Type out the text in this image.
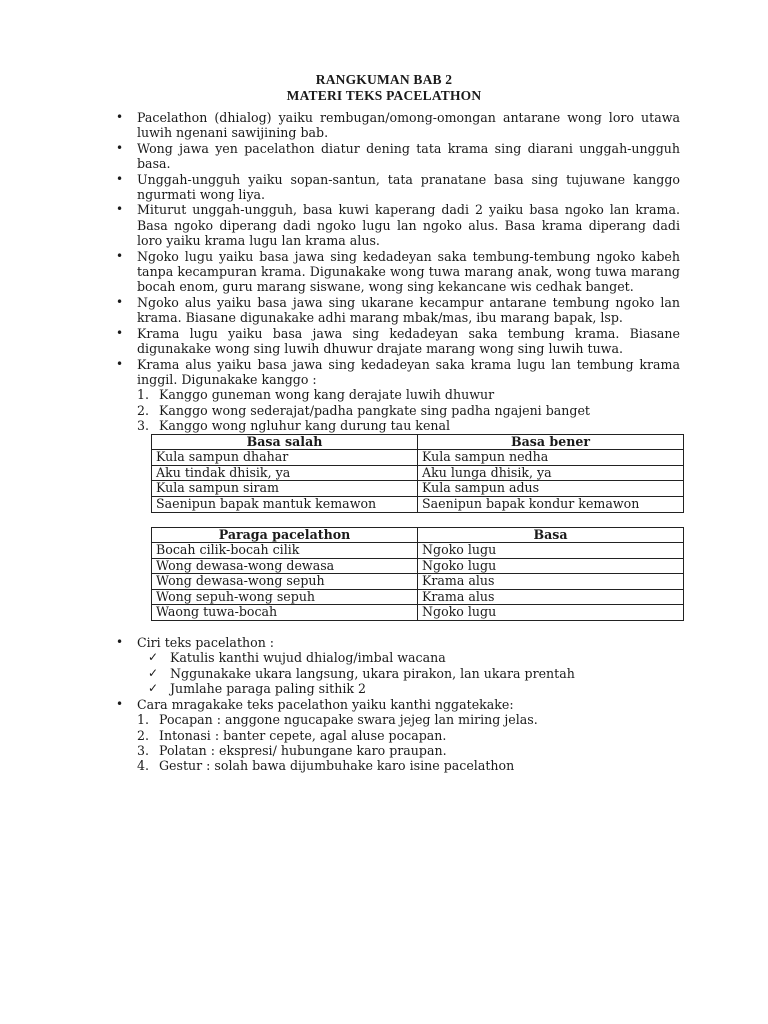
RANGKUMAN BAB 2
MATERI TEKS PACELATHON
• Pacelathon (dhialog) yaiku rembugan/omong-omongan antarane wong loro utawa luwih ngenani sawijining bab.
• Wong jawa yen pacelathon diatur dening tata krama sing diarani unggah-ungguh basa.
• Unggah-ungguh yaiku sopan-santun, tata pranatane basa sing tujuwane kanggo ngurmati wong liya.
• Miturut unggah-ungguh, basa kuwi kaperang dadi 2 yaiku basa ngoko lan krama. Basa ngoko diperang dadi ngoko lugu lan ngoko alus. Basa krama diperang dadi loro yaiku krama lugu lan krama alus.
• Ngoko lugu yaiku basa jawa sing kedadeyan saka tembung-tembung ngoko kabeh tanpa kecampuran krama. Digunakake wong tuwa marang anak, wong tuwa marang bocah enom, guru marang siswane, wong sing kekancane wis cedhak banget.
• Ngoko alus yaiku basa jawa sing ukarane kecampur antarane tembung ngoko lan krama. Biasane digunakake adhi marang mbak/mas, ibu marang bapak, lsp.
• Krama lugu yaiku basa jawa sing kedadeyan saka tembung krama. Biasane digunakake wong sing luwih dhuwur drajate marang wong sing luwih tuwa.
• Krama alus yaiku basa jawa sing kedadeyan saka krama lugu lan tembung krama inggil. Digunakake kanggo :
1. Kanggo guneman wong kang derajate luwih dhuwur
2. Kanggo wong sederajat/padha pangkate sing padha ngajeni banget
3. Kanggo wong ngluhur kang durung tau kenal
Basa salah	Basa bener
Kula sampun dhahar	Kula sampun nedha
Aku tindak dhisik, ya	Aku lunga dhisik, ya
Kula sampun siram	Kula sampun adus
Saenipun bapak mantuk kemawon	Saenipun bapak kondur kemawon
Paraga pacelathon	Basa
Bocah cilik-bocah cilik	Ngoko lugu
Wong dewasa-wong dewasa	Ngoko lugu
Wong dewasa-wong sepuh	Krama alus
Wong sepuh-wong sepuh	Krama alus
Waong tuwa-bocah	Ngoko lugu
• Ciri teks pacelathon :
✓ Katulis kanthi wujud dhialog/imbal wacana
✓ Nggunakake ukara langsung, ukara pirakon, lan ukara prentah
✓ Jumlahe paraga paling sithik 2
• Cara mragakake teks pacelathon yaiku kanthi nggatekake:
1. Pocapan : anggone ngucapake swara jejeg lan miring jelas.
2. Intonasi : banter cepete, agal aluse pocapan.
3. Polatan : ekspresi/ hubungane karo praupan.
4. Gestur : solah bawa dijumbuhake karo isine pacelathon
